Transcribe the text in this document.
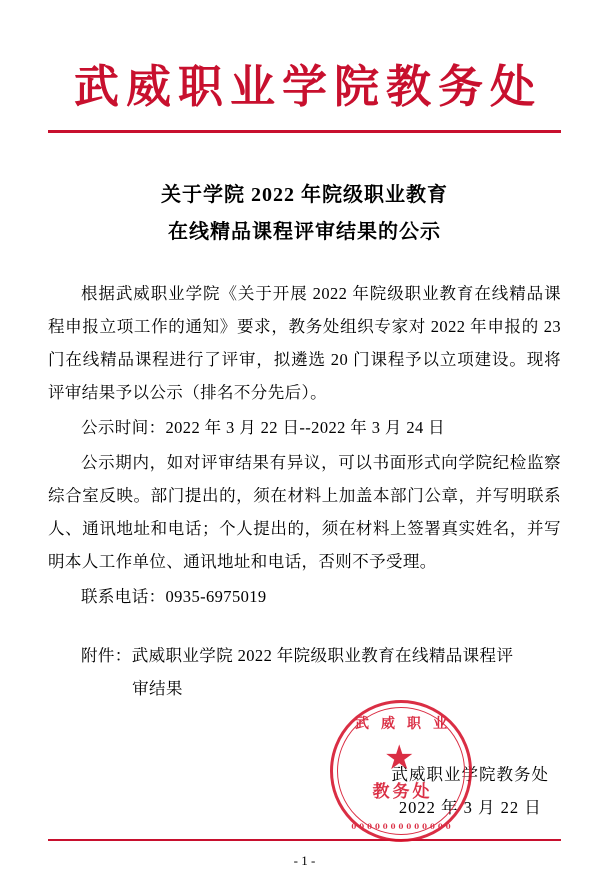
武威职业学院教务处
关于学院 2022 年院级职业教育
在线精品课程评审结果的公示

根据武威职业学院《关于开展 2022 年院级职业教育在线精品课程申报立项工作的通知》要求，教务处组织专家对 2022 年申报的 23 门在线精品课程进行了评审，拟遴选 20 门课程予以立项建设。现将评审结果予以公示（排名不分先后）。

公示时间：2022 年 3 月 22 日--2022 年 3 月 24 日

公示期内，如对评审结果有异议，可以书面形式向学院纪检监察综合室反映。部门提出的，须在材料上加盖本部门公章，并写明联系人、通讯地址和电话；个人提出的，须在材料上签署真实姓名，并写明本人工作单位、通讯地址和电话，否则不予受理。

联系电话：0935-6975019

附件：武威职业学院 2022 年院级职业教育在线精品课程评
审结果
武威职业学院教务处
2022 年 3 月 22 日
武威职业
教务处
0000000000000
- 1 -
